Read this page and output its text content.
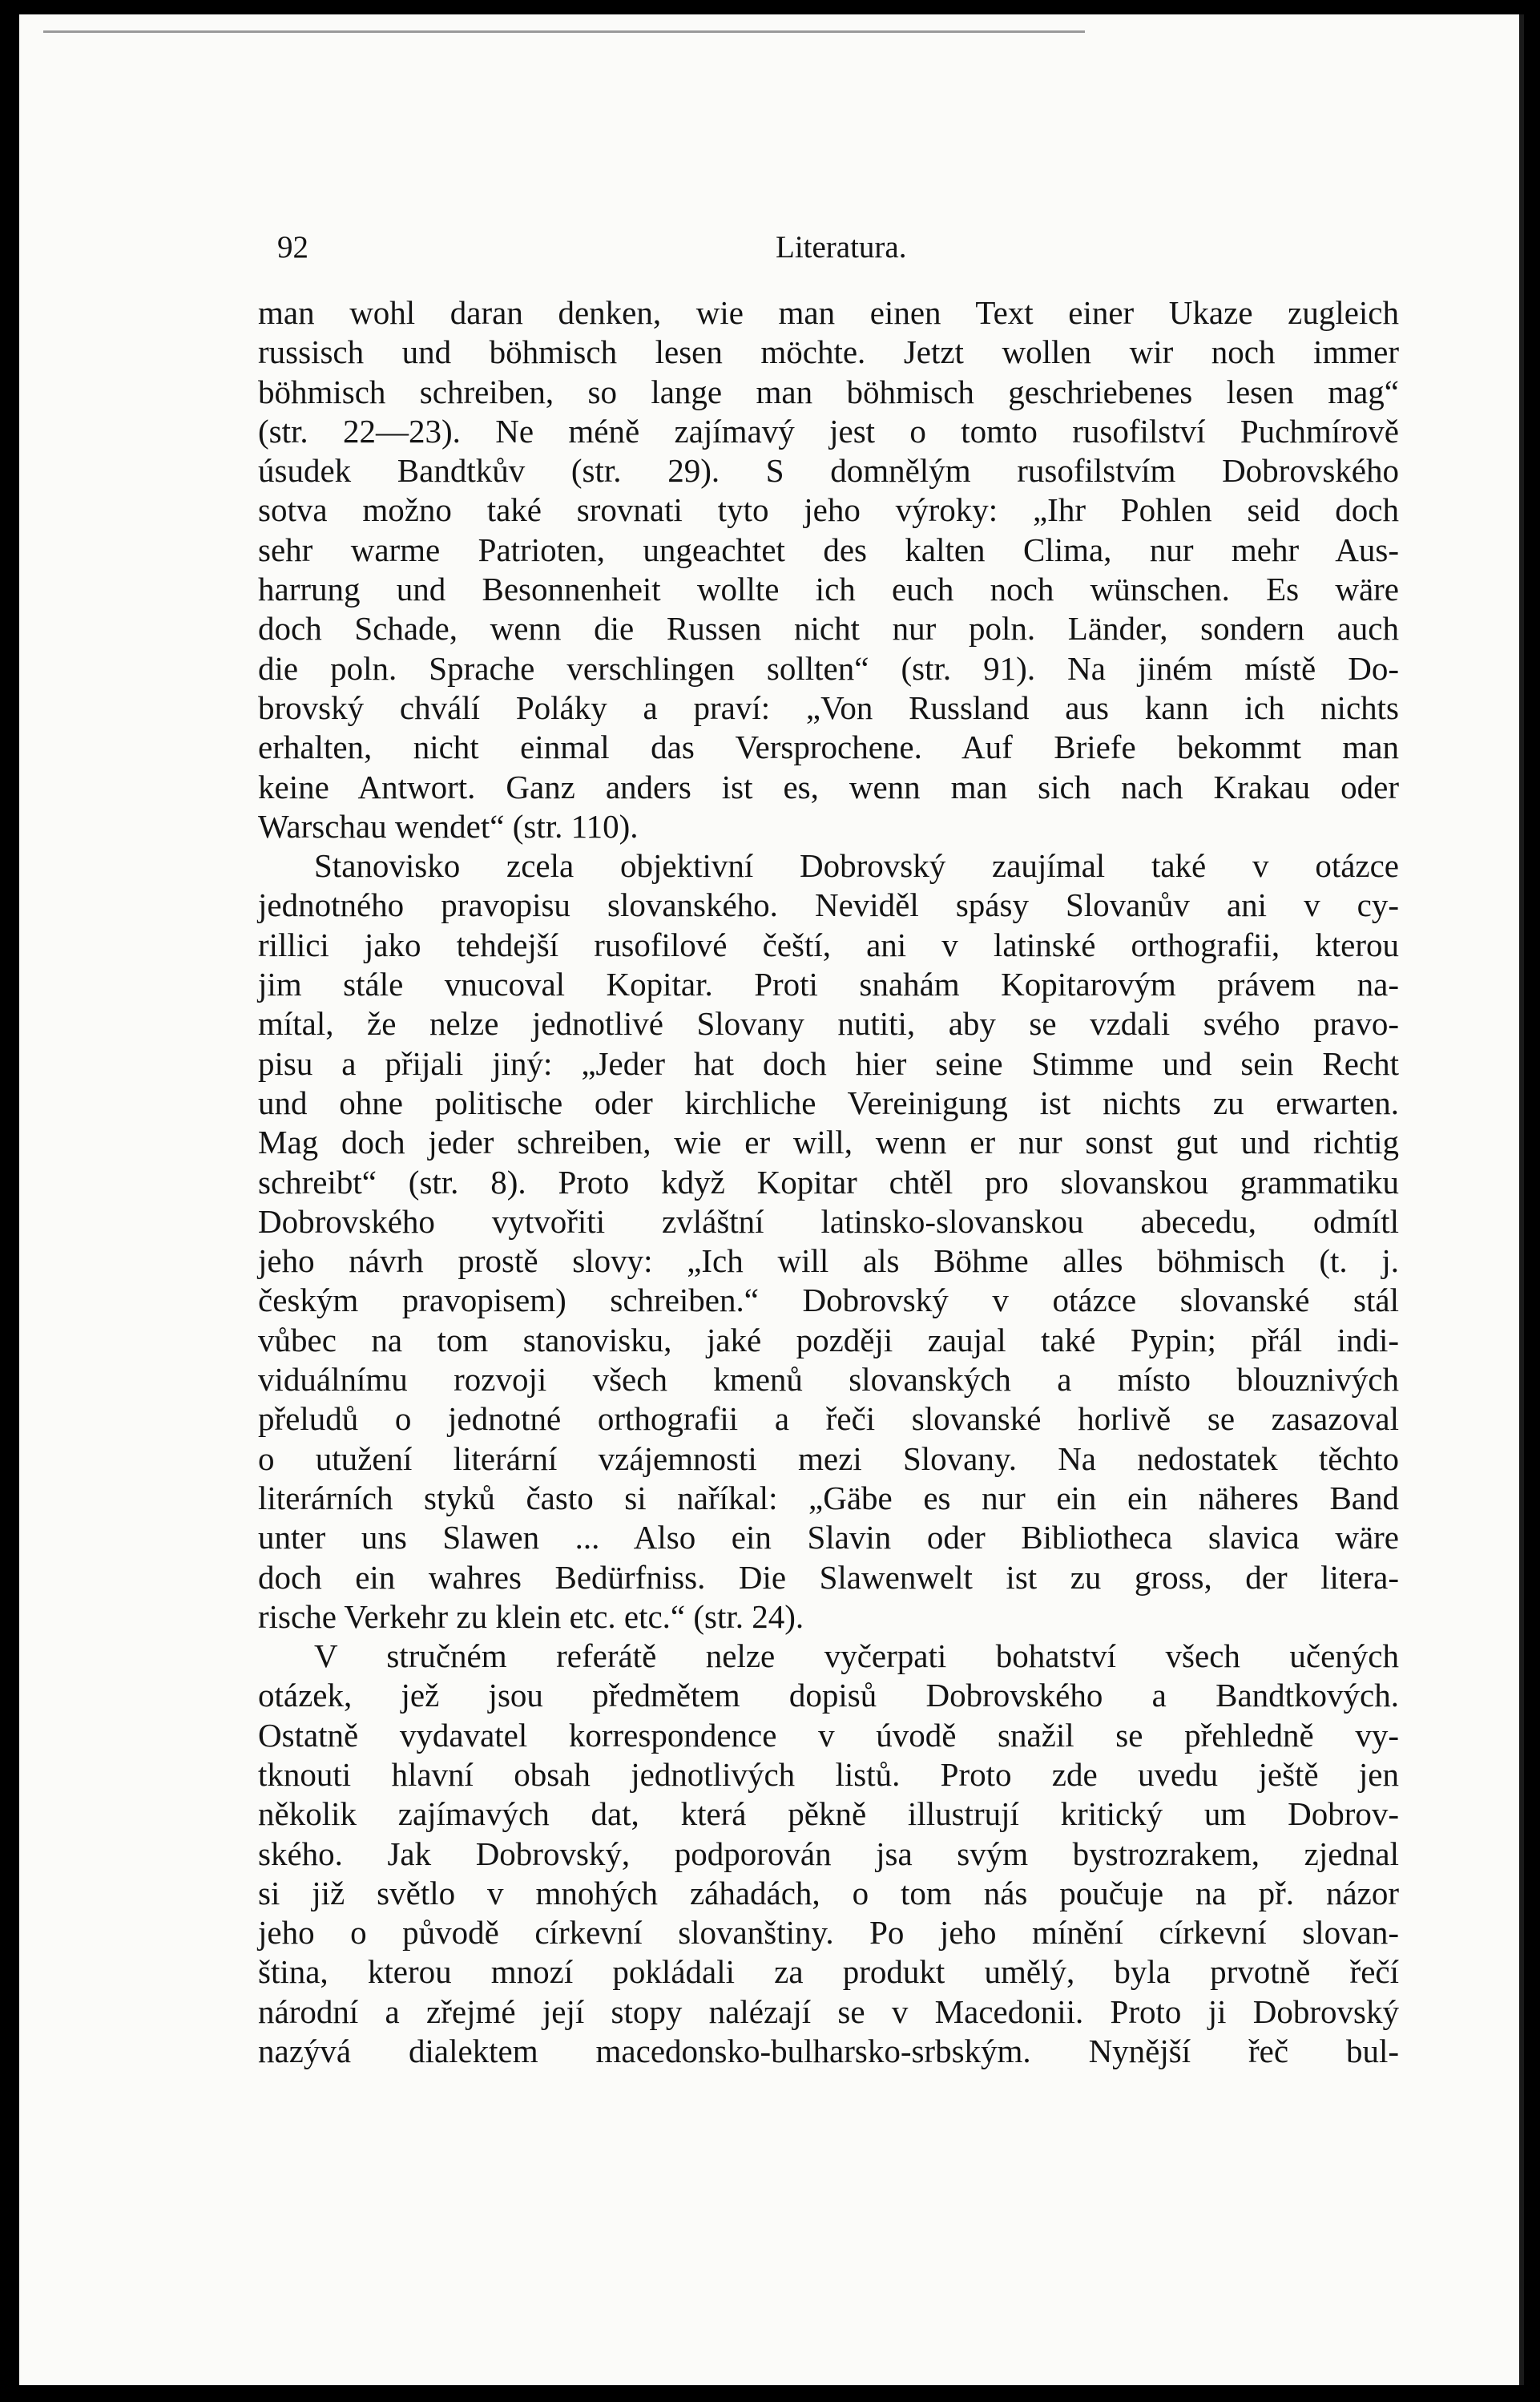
92	Literatura.
man wohl daran denken, wie man einen Text einer Ukaze zugleich
russisch und böhmisch lesen möchte. Jetzt wollen wir noch immer
böhmisch schreiben, so lange man böhmisch geschriebenes lesen mag“
(str. 22—23). Ne méně zajímavý jest o tomto rusofilství Puchmírově
úsudek Bandtkův (str. 29). S domnělým rusofilstvím Dobrovského
sotva možno také srovnati tyto jeho výroky: „Ihr Pohlen seid doch
sehr warme Patrioten, ungeachtet des kalten Clima, nur mehr Aus-
harrung und Besonnenheit wollte ich euch noch wünschen. Es wäre
doch Schade, wenn die Russen nicht nur poln. Länder, sondern auch
die poln. Sprache verschlingen sollten“ (str. 91). Na jiném místě Do-
brovský chválí Poláky a praví: „Von Russland aus kann ich nichts
erhalten, nicht einmal das Versprochene. Auf Briefe bekommt man
keine Antwort. Ganz anders ist es, wenn man sich nach Krakau oder
Warschau wendet“ (str. 110).
Stanovisko zcela objektivní Dobrovský zaujímal také v otázce
jednotného pravopisu slovanského. Neviděl spásy Slovanův ani v cy-
rillici jako tehdejší rusofilové čeští, ani v latinské orthografii, kterou
jim stále vnucoval Kopitar. Proti snahám Kopitarovým právem na-
mítal, že nelze jednotlivé Slovany nutiti, aby se vzdali svého pravo-
pisu a přijali jiný: „Jeder hat doch hier seine Stimme und sein Recht
und ohne politische oder kirchliche Vereinigung ist nichts zu erwarten.
Mag doch jeder schreiben, wie er will, wenn er nur sonst gut und richtig
schreibt“ (str. 8). Proto když Kopitar chtěl pro slovanskou grammatiku
Dobrovského vytvořiti zvláštní latinsko-slovanskou abecedu, odmítl
jeho návrh prostě slovy: „Ich will als Böhme alles böhmisch (t. j.
českým pravopisem) schreiben.“ Dobrovský v otázce slovanské stál
vůbec na tom stanovisku, jaké později zaujal také Pypin; přál indi-
viduálnímu rozvoji všech kmenů slovanských a místo blouznivých
přeludů o jednotné orthografii a řeči slovanské horlivě se zasazoval
o utužení literární vzájemnosti mezi Slovany. Na nedostatek těchto
literárních styků často si naříkal: „Gäbe es nur ein ein näheres Band
unter uns Slawen ... Also ein Slavin oder Bibliotheca slavica wäre
doch ein wahres Bedürfniss. Die Slawenwelt ist zu gross, der litera-
rische Verkehr zu klein etc. etc.“ (str. 24).
V stručném referátě nelze vyčerpati bohatství všech učených
otázek, jež jsou předmětem dopisů Dobrovského a Bandtkových.
Ostatně vydavatel korrespondence v úvodě snažil se přehledně vy-
tknouti hlavní obsah jednotlivých listů. Proto zde uvedu ještě jen
několik zajímavých dat, která pěkně illustrují kritický um Dobrov-
ského. Jak Dobrovský, podporován jsa svým bystrozrakem, zjednal
si již světlo v mnohých záhadách, o tom nás poučuje na př. názor
jeho o původě církevní slovanštiny. Po jeho mínění církevní slovan-
ština, kterou mnozí pokládali za produkt umělý, byla prvotně řečí
národní a zřejmé její stopy nalézají se v Macedonii. Proto ji Dobrovský
nazývá dialektem macedonsko-bulharsko-srbským. Nynější řeč bul-
